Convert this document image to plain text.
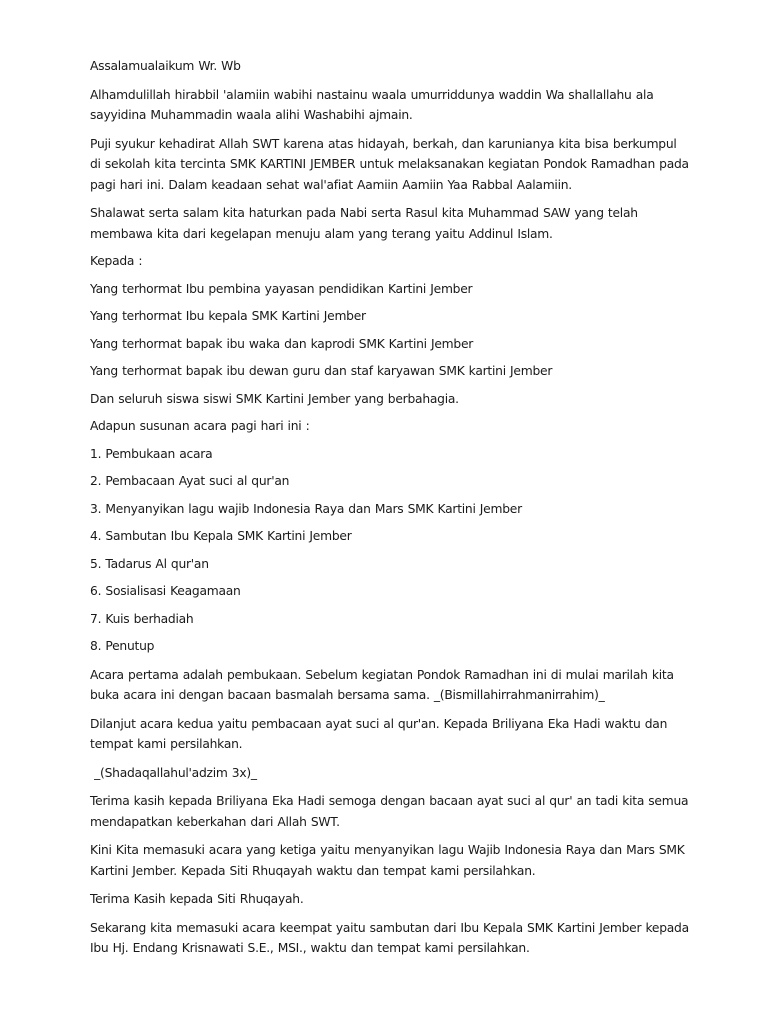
Assalamualaikum Wr. Wb

Alhamdulillah hirabbil 'alamiin wabihi nastainu waala umurriddunya waddin Wa shallallahu ala sayyidina Muhammadin waala alihi Washabihi ajmain.

Puji syukur kehadirat Allah SWT karena atas hidayah, berkah, dan karunianya kita bisa berkumpul di sekolah kita tercinta SMK KARTINI JEMBER untuk melaksanakan kegiatan Pondok Ramadhan pada pagi hari ini. Dalam keadaan sehat wal'afiat Aamiin Aamiin Yaa Rabbal Aalamiin.

Shalawat serta salam kita haturkan pada Nabi serta Rasul kita Muhammad SAW yang telah membawa kita dari kegelapan menuju alam yang terang yaitu Addinul Islam.

Kepada :

Yang terhormat Ibu pembina yayasan pendidikan Kartini Jember

Yang terhormat Ibu kepala SMK Kartini Jember

Yang terhormat bapak ibu waka dan kaprodi SMK Kartini Jember

Yang terhormat bapak ibu dewan guru dan staf karyawan SMK kartini Jember

Dan seluruh siswa siswi SMK Kartini Jember yang berbahagia.

Adapun susunan acara pagi hari ini :

1. Pembukaan acara

2. Pembacaan Ayat suci al qur'an

3. Menyanyikan lagu wajib Indonesia Raya dan Mars SMK Kartini Jember

4. Sambutan Ibu Kepala SMK Kartini Jember

5. Tadarus Al qur'an

6. Sosialisasi Keagamaan

7. Kuis berhadiah

8. Penutup

Acara pertama adalah pembukaan. Sebelum kegiatan Pondok Ramadhan ini di mulai marilah kita buka acara ini dengan bacaan basmalah bersama sama. _(Bismillahirrahmanirrahim)_

Dilanjut acara kedua yaitu pembacaan ayat suci al qur'an. Kepada Briliyana Eka Hadi waktu dan tempat kami persilahkan.

_(Shadaqallahul'adzim 3x)_

Terima kasih kepada Briliyana Eka Hadi semoga dengan bacaan ayat suci al qur' an tadi kita semua mendapatkan keberkahan dari Allah SWT.

Kini Kita memasuki acara yang ketiga yaitu menyanyikan lagu Wajib Indonesia Raya dan Mars SMK Kartini Jember. Kepada Siti Rhuqayah waktu dan tempat kami persilahkan.

Terima Kasih kepada Siti Rhuqayah.

Sekarang kita memasuki acara keempat yaitu sambutan dari Ibu Kepala SMK Kartini Jember kepada Ibu Hj. Endang Krisnawati S.E., MSI., waktu dan tempat kami persilahkan.
